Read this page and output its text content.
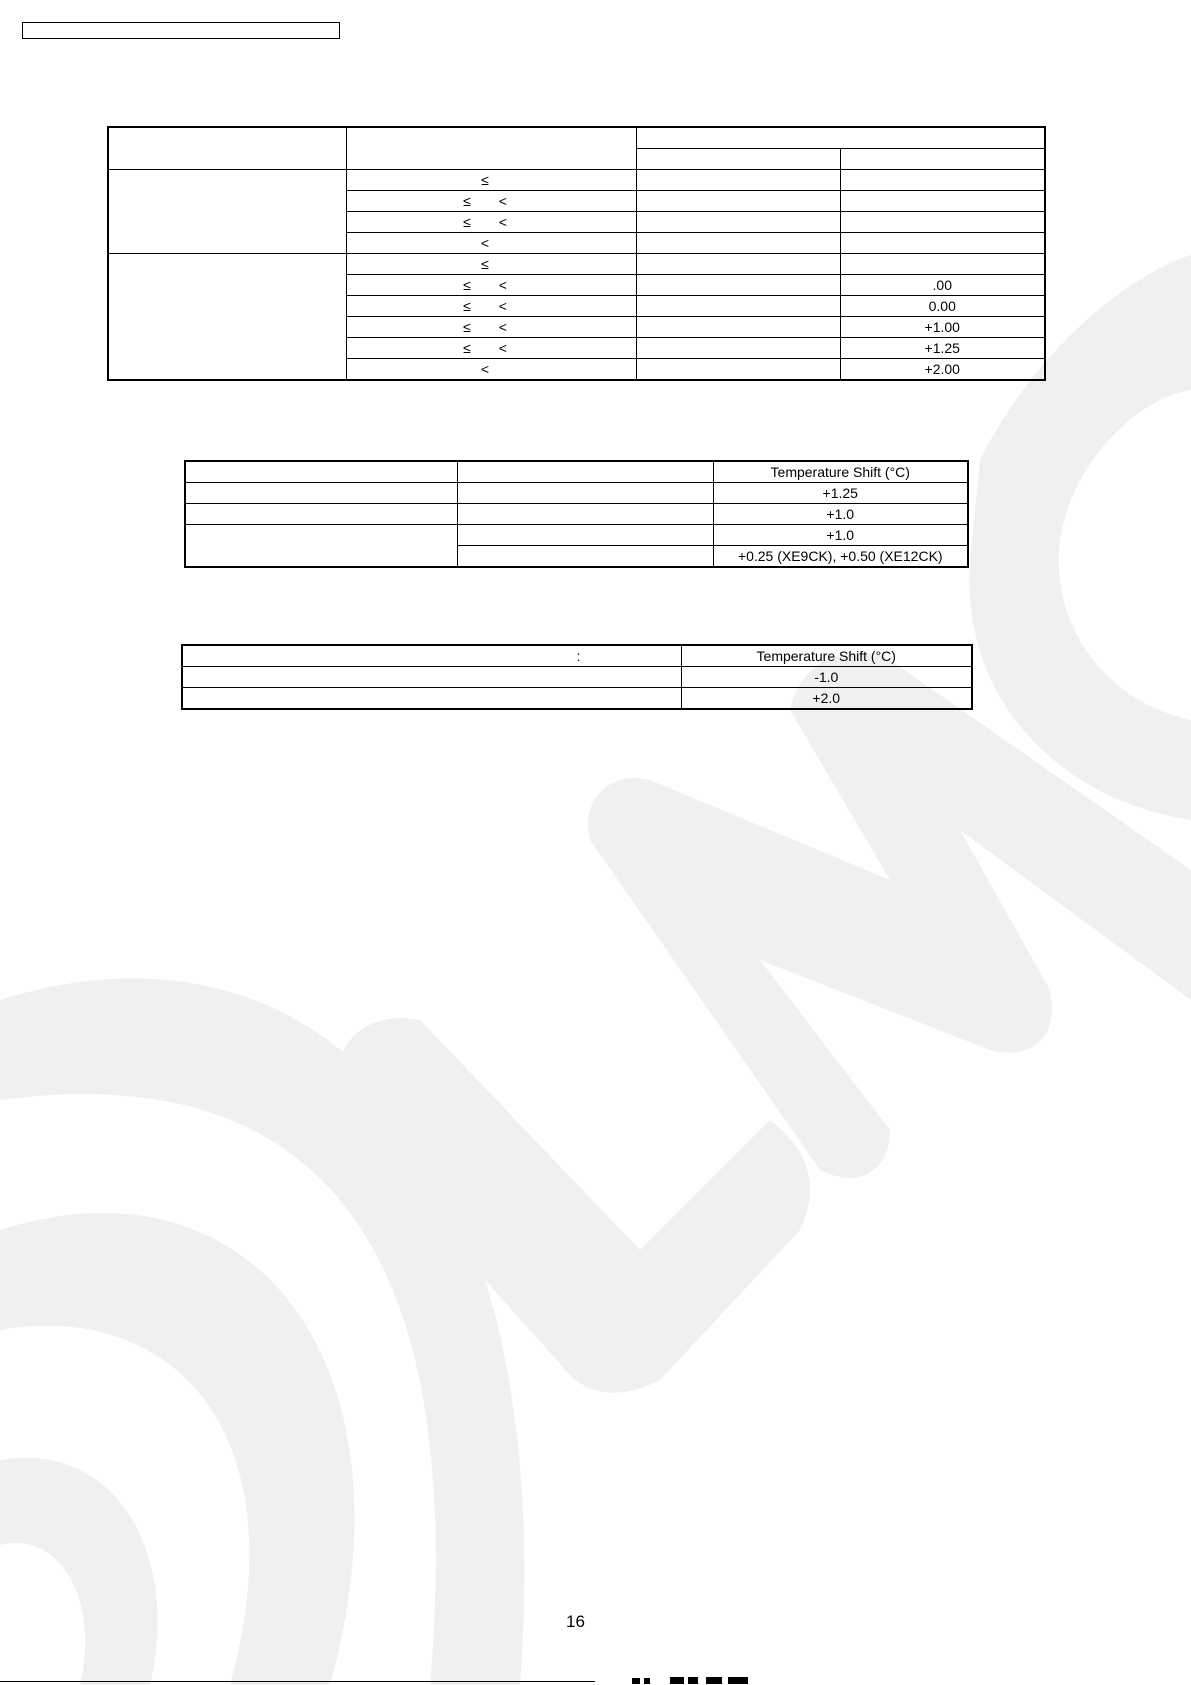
	≤		
	≤ <		
	≤ <		
	<		
	≤		
	≤ <		.00
	≤ <		0.00
	≤ <		+1.00
	≤ <		+1.25
	<		+2.00
		Temperature Shift (°C)
		+1.25
		+1.0
		+1.0
		+0.25 (XE9CK), +0.50 (XE12CK)
:	Temperature Shift (°C)
	-1.0
	+2.0
16
